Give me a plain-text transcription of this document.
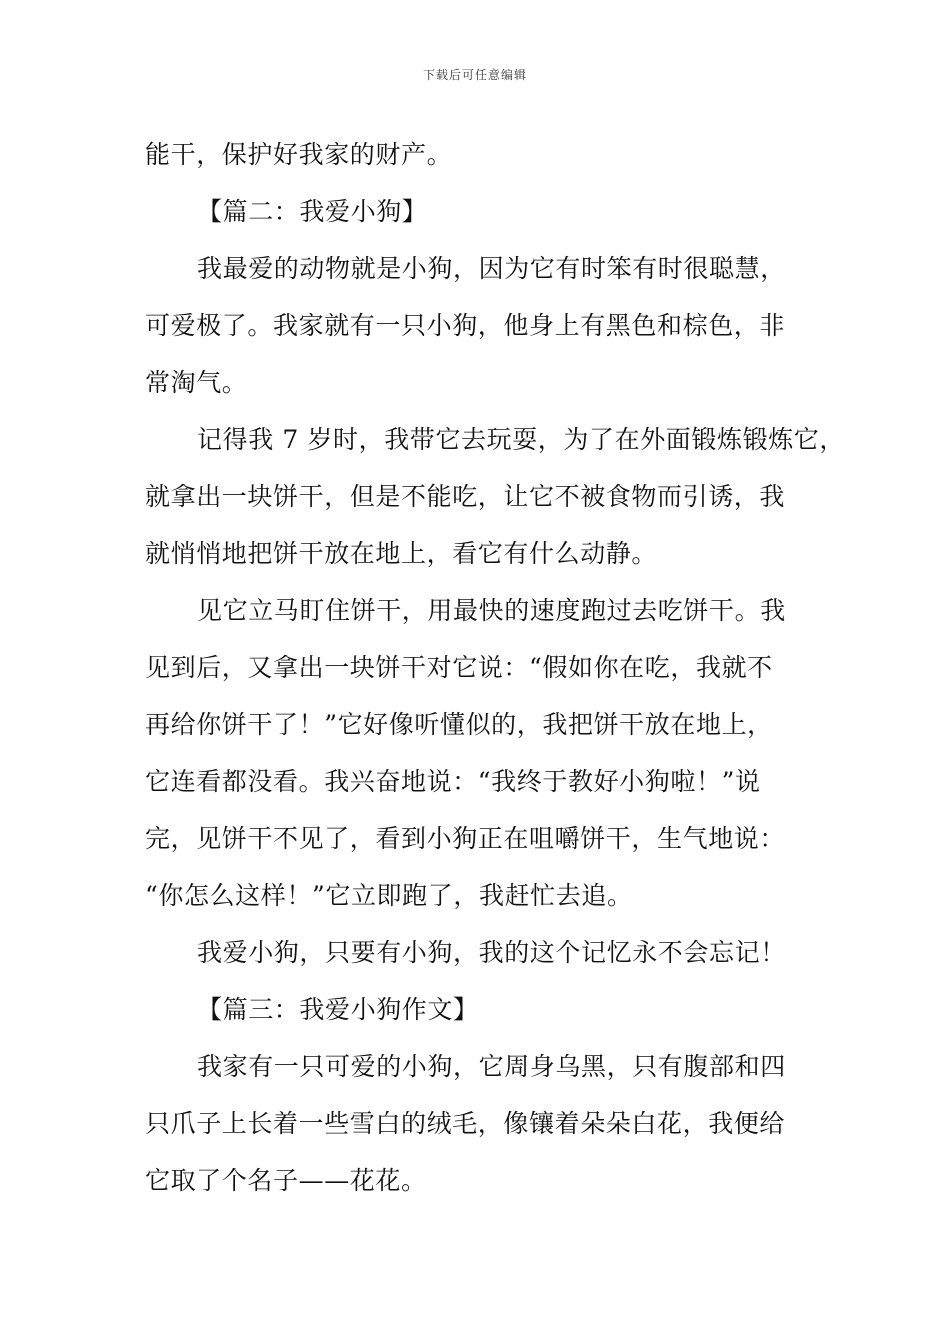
下载后可任意编辑
能干，保护好我家的财产。
【篇二：我爱小狗】
我最爱的动物就是小狗，因为它有时笨有时很聪慧，
可爱极了。我家就有一只小狗，他身上有黑色和棕色，非
常淘气。
记得我 7 岁时，我带它去玩耍，为了在外面锻炼锻炼它，
就拿出一块饼干，但是不能吃，让它不被食物而引诱，我
就悄悄地把饼干放在地上，看它有什么动静。
见它立马盯住饼干，用最快的速度跑过去吃饼干。我
见到后，又拿出一块饼干对它说：“假如你在吃，我就不
再给你饼干了！”它好像听懂似的，我把饼干放在地上，
它连看都没看。我兴奋地说：“我终于教好小狗啦！”说
完，见饼干不见了，看到小狗正在咀嚼饼干，生气地说：
“你怎么这样！”它立即跑了，我赶忙去追。
我爱小狗，只要有小狗，我的这个记忆永不会忘记！
【篇三：我爱小狗作文】
我家有一只可爱的小狗，它周身乌黑，只有腹部和四
只爪子上长着一些雪白的绒毛，像镶着朵朵白花，我便给
它取了个名子——花花。
